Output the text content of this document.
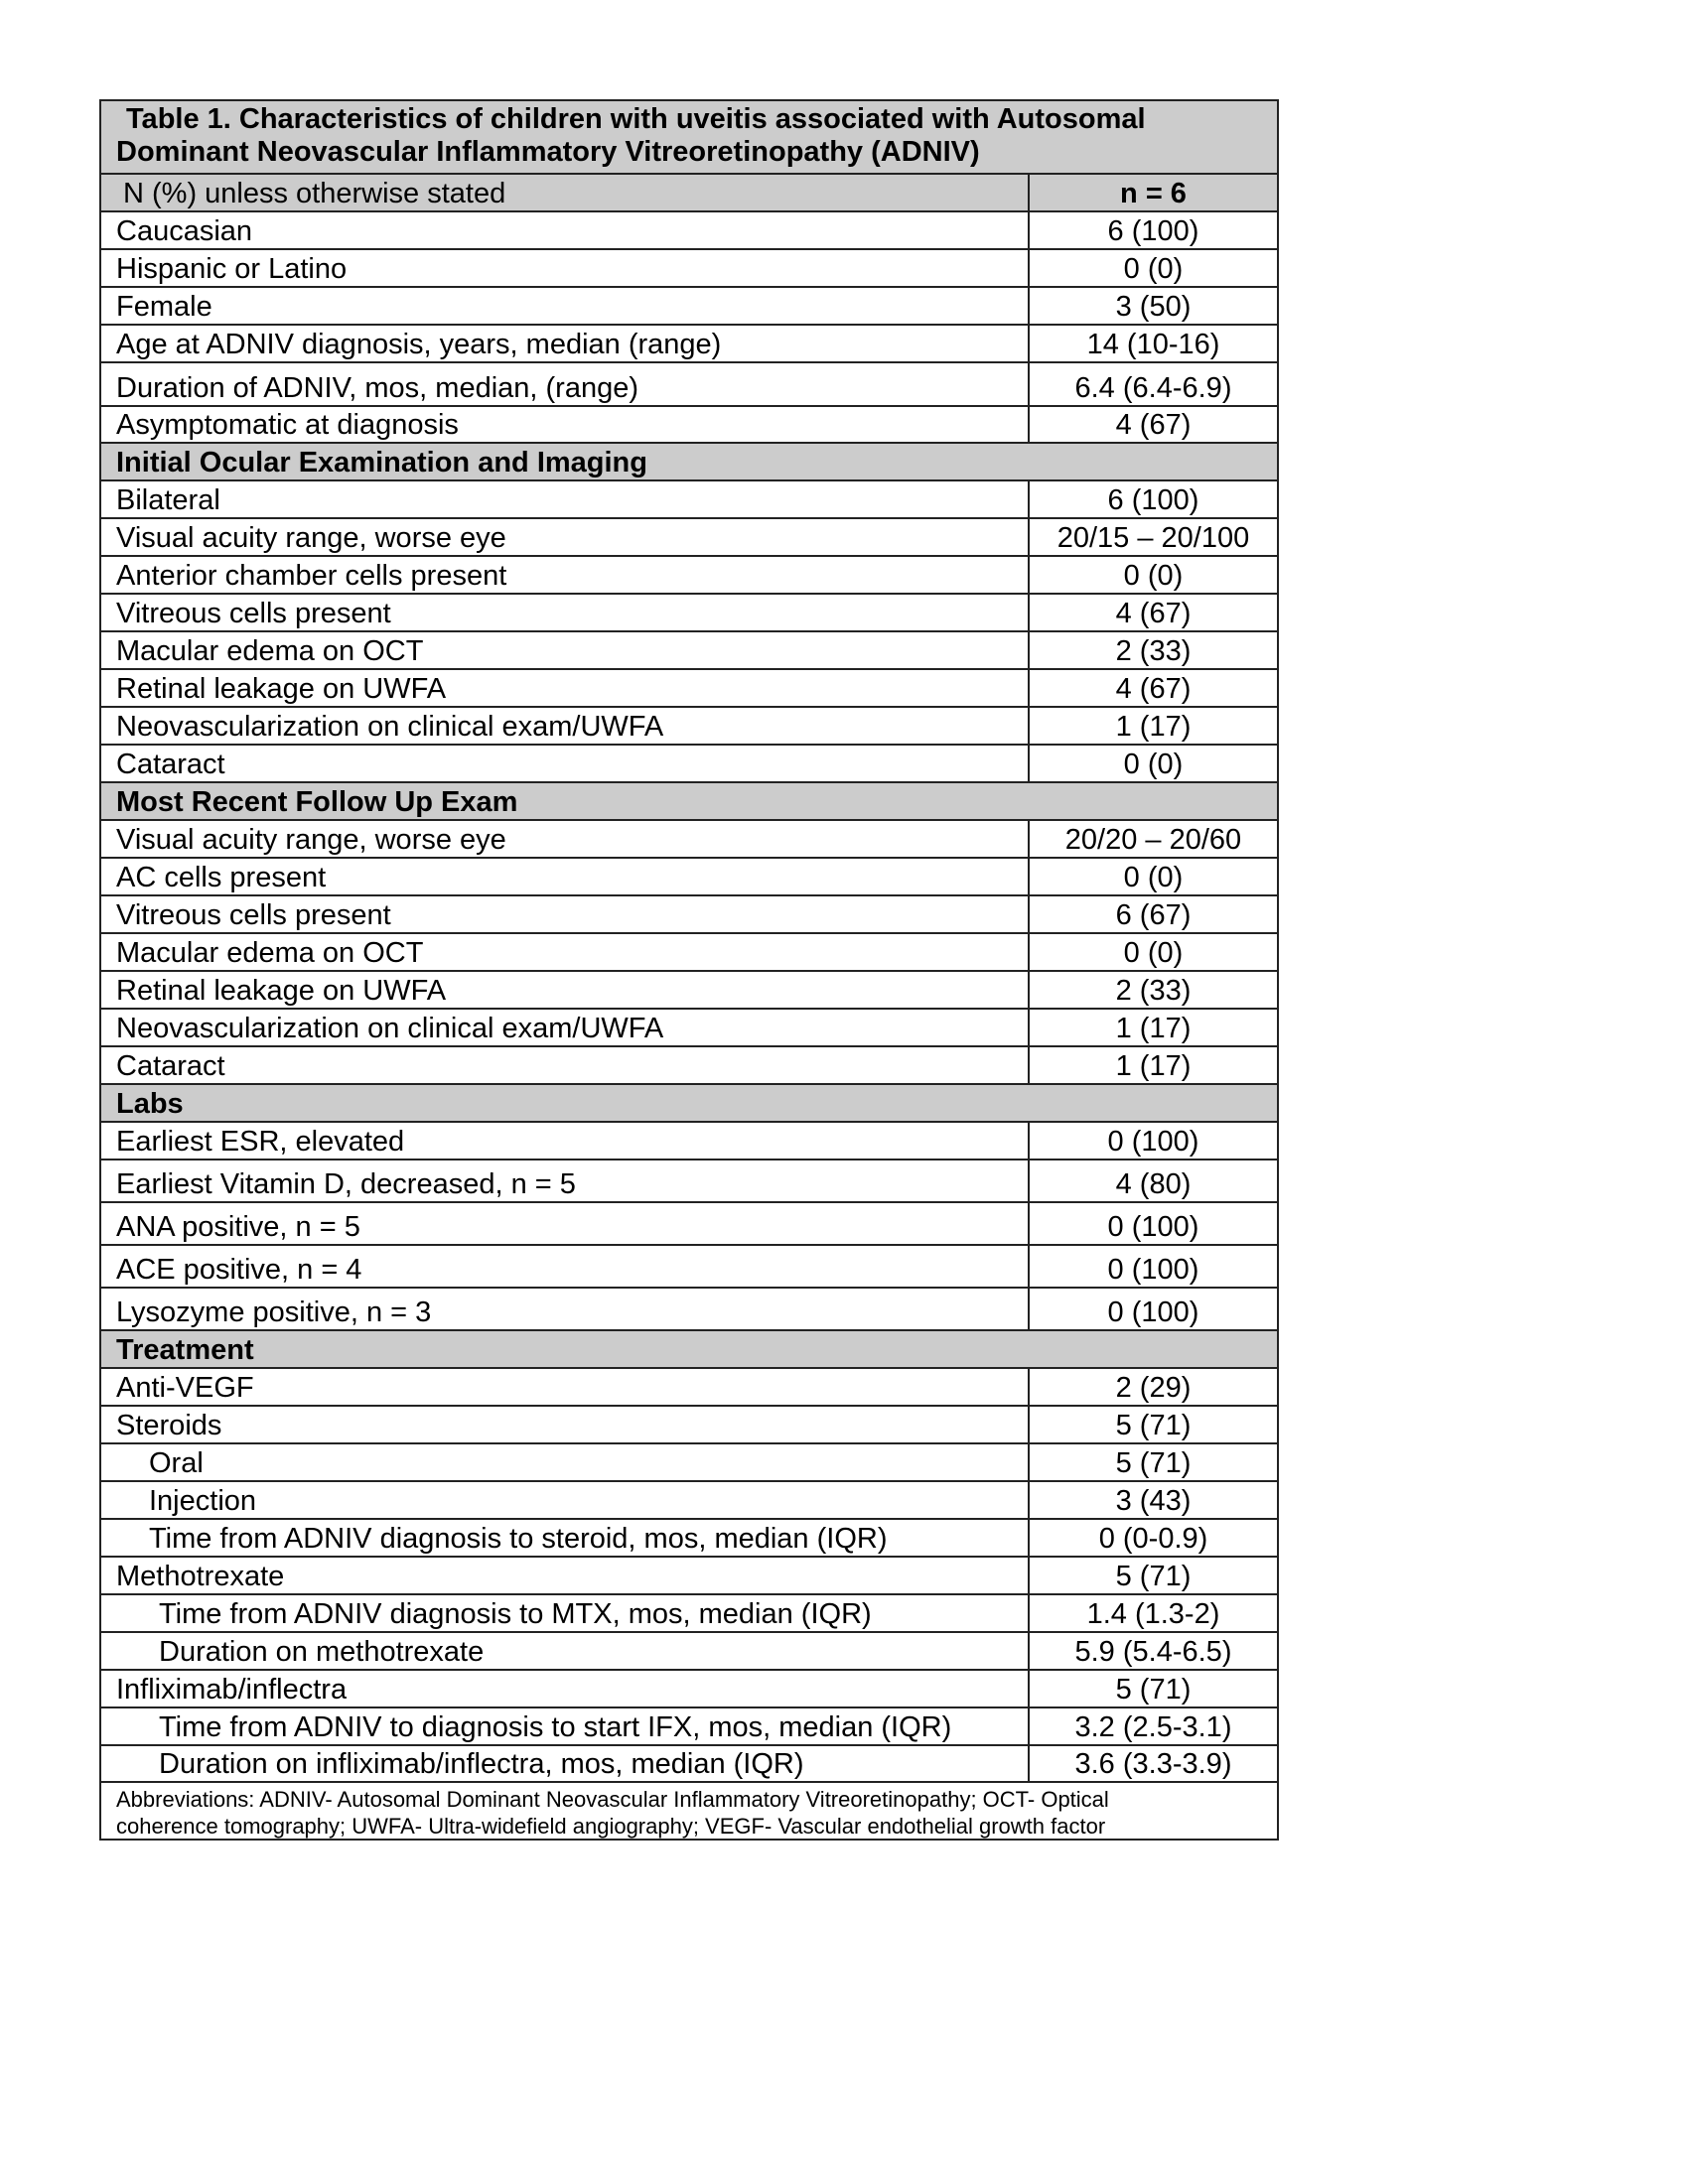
Table 1. Characteristics of children with uveitis associated with Autosomal
Dominant Neovascular Inflammatory Vitreoretinopathy (ADNIV)
N (%) unless otherwise stated	n = 6
Caucasian	6 (100)
Hispanic or Latino	0 (0)
Female	3 (50)
Age at ADNIV diagnosis, years, median (range)	14 (10-16)
Duration of ADNIV, mos, median, (range)	6.4 (6.4-6.9)
Asymptomatic at diagnosis	4 (67)
Initial Ocular Examination and Imaging
Bilateral	6 (100)
Visual acuity range, worse eye	20/15 – 20/100
Anterior chamber cells present	0 (0)
Vitreous cells present	4 (67)
Macular edema on OCT	2 (33)
Retinal leakage on UWFA	4 (67)
Neovascularization on clinical exam/UWFA	1 (17)
Cataract	0 (0)
Most Recent Follow Up Exam
Visual acuity range, worse eye	20/20 – 20/60
AC cells present	0 (0)
Vitreous cells present	6 (67)
Macular edema on OCT	0 (0)
Retinal leakage on UWFA	2 (33)
Neovascularization on clinical exam/UWFA	1 (17)
Cataract	1 (17)
Labs
Earliest ESR, elevated	0 (100)
Earliest Vitamin D, decreased, n = 5	4 (80)
ANA positive, n = 5	0 (100)
ACE positive, n = 4	0 (100)
Lysozyme positive, n = 3	0 (100)
Treatment
Anti-VEGF	2 (29)
Steroids	5 (71)
Oral	5 (71)
Injection	3 (43)
Time from ADNIV diagnosis to steroid, mos, median (IQR)	0 (0-0.9)
Methotrexate	5 (71)
Time from ADNIV diagnosis to MTX, mos, median (IQR)	1.4 (1.3-2)
Duration on methotrexate	5.9 (5.4-6.5)
Infliximab/inflectra	5 (71)
Time from ADNIV to diagnosis to start IFX, mos, median (IQR)	3.2 (2.5-3.1)
Duration on infliximab/inflectra, mos, median (IQR)	3.6 (3.3-3.9)
Abbreviations: ADNIV- Autosomal Dominant Neovascular Inflammatory Vitreoretinopathy; OCT- Optical
coherence tomography; UWFA- Ultra-widefield angiography; VEGF- Vascular endothelial growth factor
